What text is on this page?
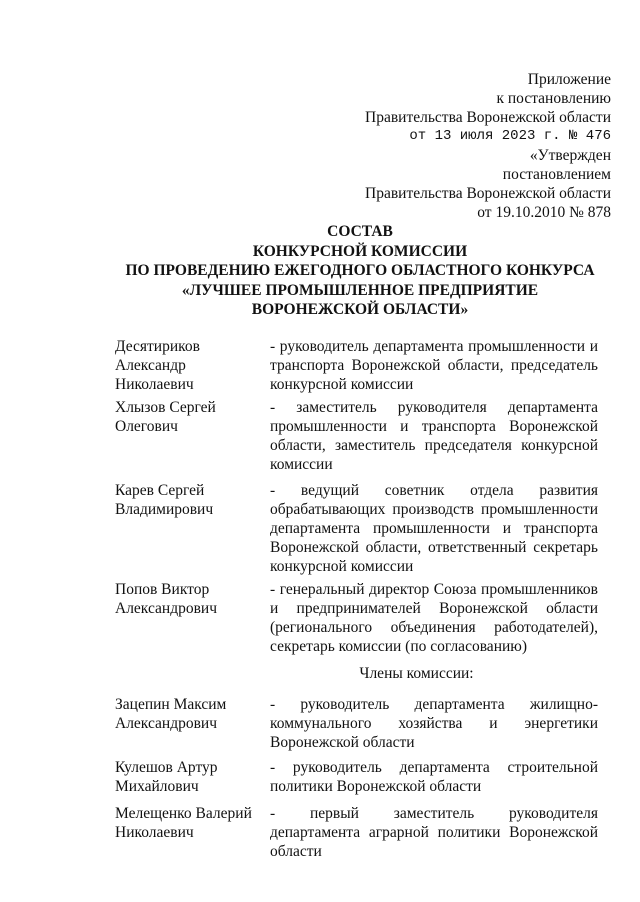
Приложение
к постановлению
Правительства Воронежской области
от 13 июля 2023 г. № 476
«Утвержден
постановлением
Правительства Воронежской области
от 19.10.2010 № 878
СОСТАВ
КОНКУРСНОЙ КОМИССИИ
ПО ПРОВЕДЕНИЮ ЕЖЕГОДНОГО ОБЛАСТНОГО КОНКУРСА
«ЛУЧШЕЕ ПРОМЫШЛЕННОЕ ПРЕДПРИЯТИЕ
ВОРОНЕЖСКОЙ ОБЛАСТИ»
Десятириков Александр Николаевич
- руководитель департамента промышленности и транспорта Воронежской области, председатель конкурсной комиссии
Хлызов Сергей Олегович
- заместитель руководителя департамента промышленности и транспорта Воронежской области, заместитель председателя конкурсной комиссии
Карев Сергей Владимирович
- ведущий советник отдела развития обрабатывающих производств промышленности департамента промышленности и транспорта Воронежской области, ответственный секретарь конкурсной комиссии
Попов Виктор Александрович
- генеральный директор Союза промышленников и предпринимателей Воронежской области (регионального объединения работодателей), секретарь комиссии (по согласованию)
Члены комиссии:
Зацепин Максим Александрович
- руководитель департамента жилищно-коммунального хозяйства и энергетики Воронежской области
Кулешов Артур Михайлович
- руководитель департамента строительной политики Воронежской области
Мелещенко Валерий Николаевич
- первый заместитель руководителя департамента аграрной политики Воронежской области
